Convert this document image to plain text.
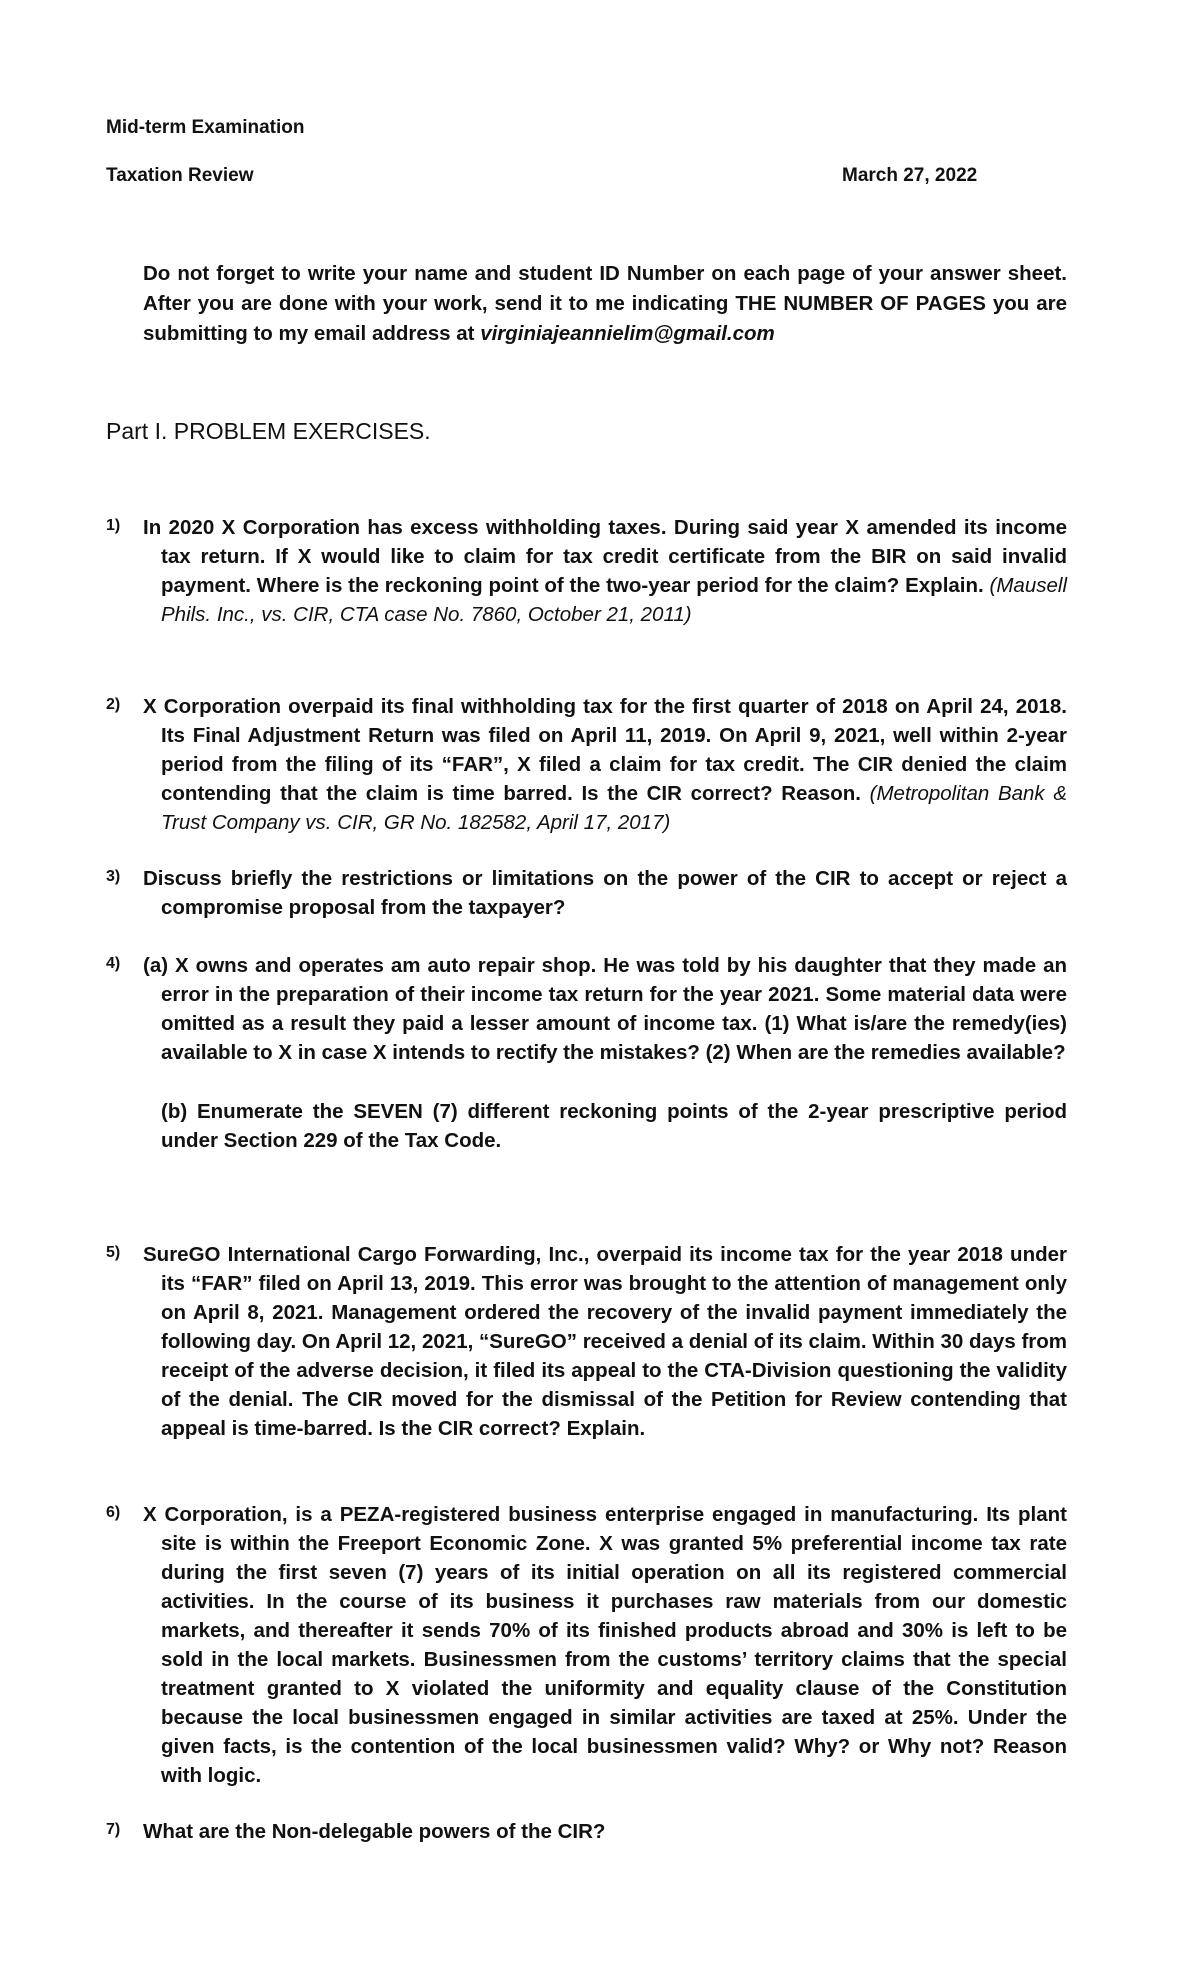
Mid-term Examination
Taxation Review	March 27, 2022
Do not forget to write your name and student ID Number on each page of your answer sheet. After you are done with your work, send it to me indicating THE NUMBER OF PAGES you are submitting to my email address at virginiajeannielim@gmail.com
Part I. PROBLEM EXERCISES.
1) In 2020 X Corporation has excess withholding taxes. During said year X amended its income tax return. If X would like to claim for tax credit certificate from the BIR on said invalid payment. Where is the reckoning point of the two-year period for the claim? Explain. (Mausell Phils. Inc., vs. CIR, CTA case No. 7860, October 21, 2011)
2) X Corporation overpaid its final withholding tax for the first quarter of 2018 on April 24, 2018. Its Final Adjustment Return was filed on April 11, 2019. On April 9, 2021, well within 2-year period from the filing of its “FAR”, X filed a claim for tax credit. The CIR denied the claim contending that the claim is time barred. Is the CIR correct? Reason. (Metropolitan Bank & Trust Company vs. CIR, GR No. 182582, April 17, 2017)
3) Discuss briefly the restrictions or limitations on the power of the CIR to accept or reject a compromise proposal from the taxpayer?
4) (a) X owns and operates am auto repair shop. He was told by his daughter that they made an error in the preparation of their income tax return for the year 2021. Some material data were omitted as a result they paid a lesser amount of income tax. (1) What is/are the remedy(ies) available to X in case X intends to rectify the mistakes? (2) When are the remedies available?
(b) Enumerate the SEVEN (7) different reckoning points of the 2-year prescriptive period under Section 229 of the Tax Code.
5) SureGO International Cargo Forwarding, Inc., overpaid its income tax for the year 2018 under its “FAR” filed on April 13, 2019. This error was brought to the attention of management only on April 8, 2021. Management ordered the recovery of the invalid payment immediately the following day. On April 12, 2021, “SureGO” received a denial of its claim. Within 30 days from receipt of the adverse decision, it filed its appeal to the CTA-Division questioning the validity of the denial. The CIR moved for the dismissal of the Petition for Review contending that appeal is time-barred. Is the CIR correct? Explain.
6) X Corporation, is a PEZA-registered business enterprise engaged in manufacturing. Its plant site is within the Freeport Economic Zone. X was granted 5% preferential income tax rate during the first seven (7) years of its initial operation on all its registered commercial activities. In the course of its business it purchases raw materials from our domestic markets, and thereafter it sends 70% of its finished products abroad and 30% is left to be sold in the local markets. Businessmen from the customs’ territory claims that the special treatment granted to X violated the uniformity and equality clause of the Constitution because the local businessmen engaged in similar activities are taxed at 25%. Under the given facts, is the contention of the local businessmen valid? Why? or Why not? Reason with logic.
7) What are the Non-delegable powers of the CIR?
